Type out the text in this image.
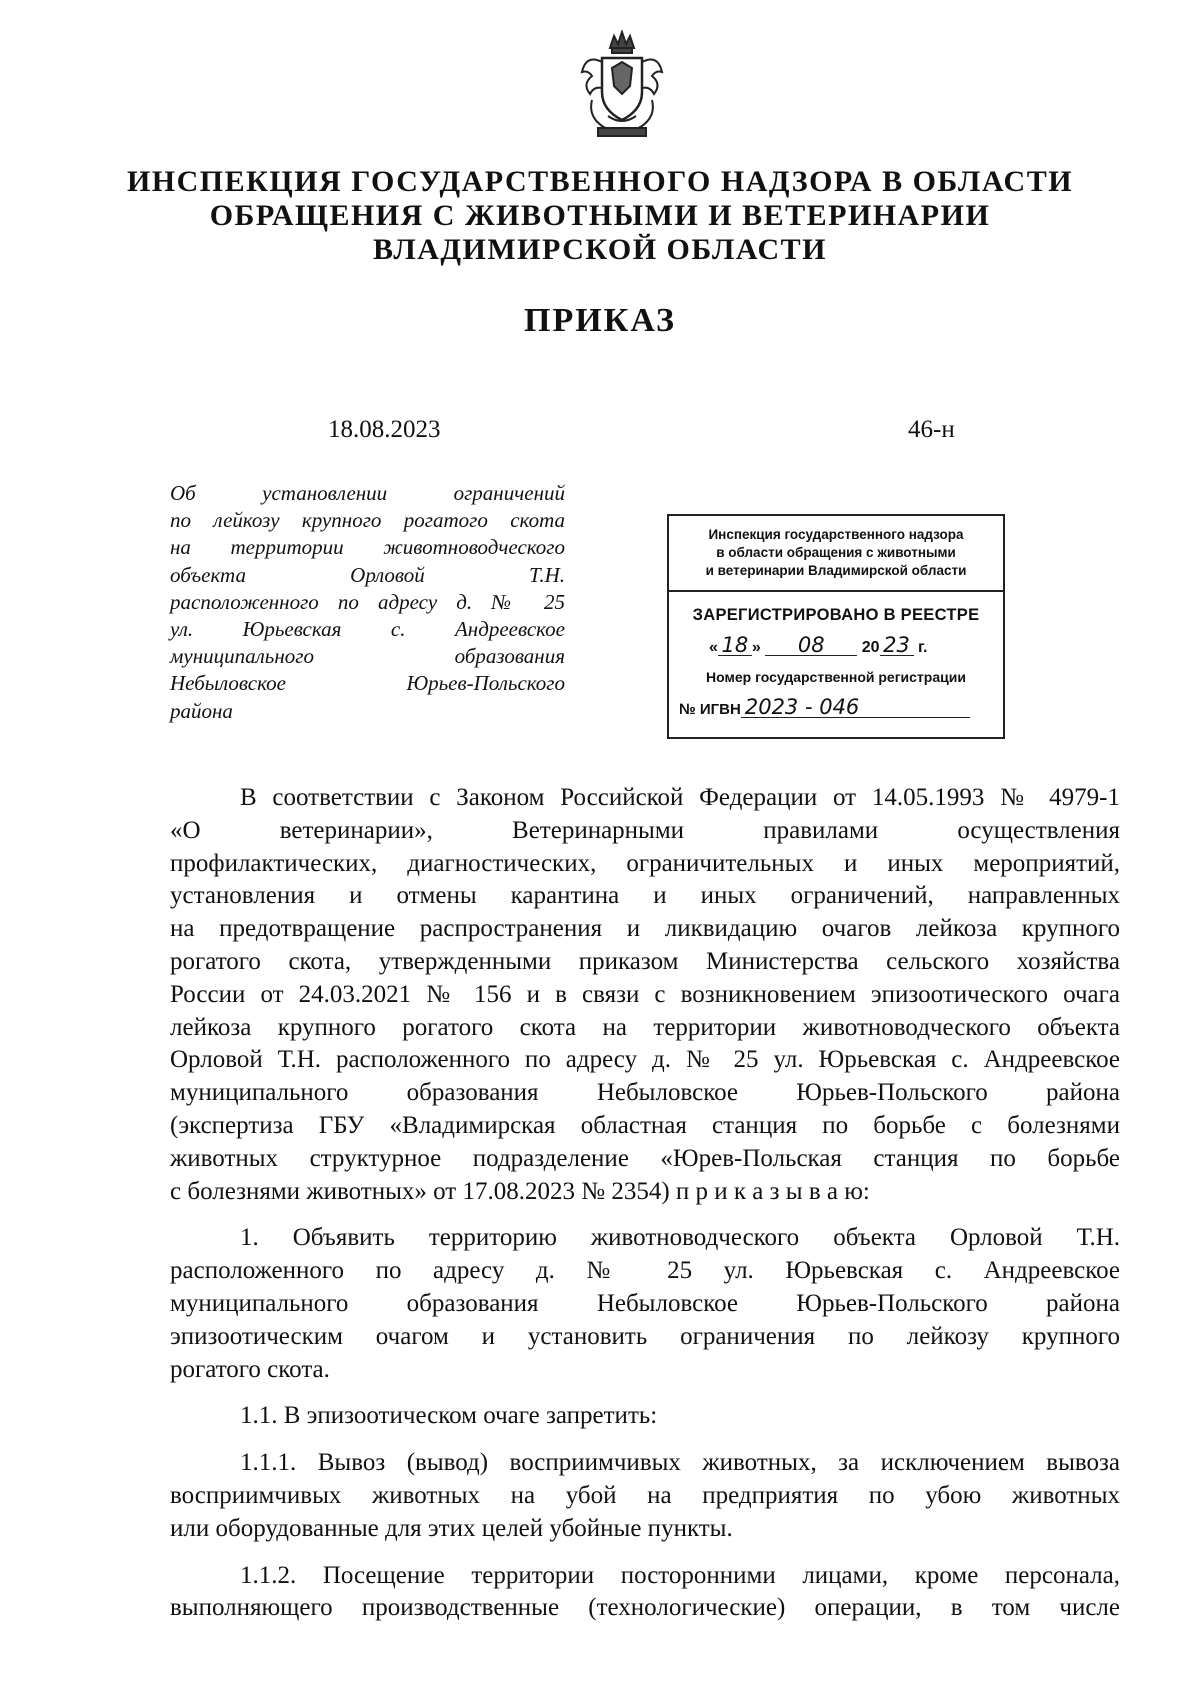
ИНСПЕКЦИЯ ГОСУДАРСТВЕННОГО НАДЗОРА В ОБЛАСТИ
ОБРАЩЕНИЯ С ЖИВОТНЫМИ И ВЕТЕРИНАРИИ
ВЛАДИМИРСКОЙ ОБЛАСТИ
ПРИКАЗ
18.08.2023	46-н
Об установлении ограничений
по лейкозу крупного рогатого скота
на территории животноводческого
объекта Орловой Т.Н.
расположенного по адресу д. № 25
ул. Юрьевская с. Андреевское
муниципального образования
Небыловское Юрьев-Польского
района
Инспекция государственного надзора
в области обращения с животными
и ветеринарии Владимирской области
ЗАРЕГИСТРИРОВАНО В РЕЕСТРЕ
« 18 » 08 20 23 г.
Номер государственной регистрации
№ ИГВН 2023 - 046
В соответствии с Законом Российской Федерации от 14.05.1993 № 4979-1
«О ветеринарии», Ветеринарными правилами осуществления
профилактических, диагностических, ограничительных и иных мероприятий,
установления и отмены карантина и иных ограничений, направленных
на предотвращение распространения и ликвидацию очагов лейкоза крупного
рогатого скота, утвержденными приказом Министерства сельского хозяйства
России от 24.03.2021 № 156 и в связи с возникновением эпизоотического очага
лейкоза крупного рогатого скота на территории животноводческого объекта
Орловой Т.Н. расположенного по адресу д. № 25 ул. Юрьевская с. Андреевское
муниципального образования Небыловское Юрьев-Польского района
(экспертиза ГБУ «Владимирская областная станция по борьбе с болезнями
животных структурное подразделение «Юрев-Польская станция по борьбе
с болезнями животных» от 17.08.2023 № 2354) п р и к а з ы в а ю:
1. Объявить территорию животноводческого объекта Орловой Т.Н.
расположенного по адресу д. № 25 ул. Юрьевская с. Андреевское
муниципального образования Небыловское Юрьев-Польского района
эпизоотическим очагом и установить ограничения по лейкозу крупного
рогатого скота.
1.1. В эпизоотическом очаге запретить:
1.1.1. Вывоз (вывод) восприимчивых животных, за исключением вывоза
восприимчивых животных на убой на предприятия по убою животных
или оборудованные для этих целей убойные пункты.
1.1.2. Посещение территории посторонними лицами, кроме персонала,
выполняющего производственные (технологические) операции, в том числе
